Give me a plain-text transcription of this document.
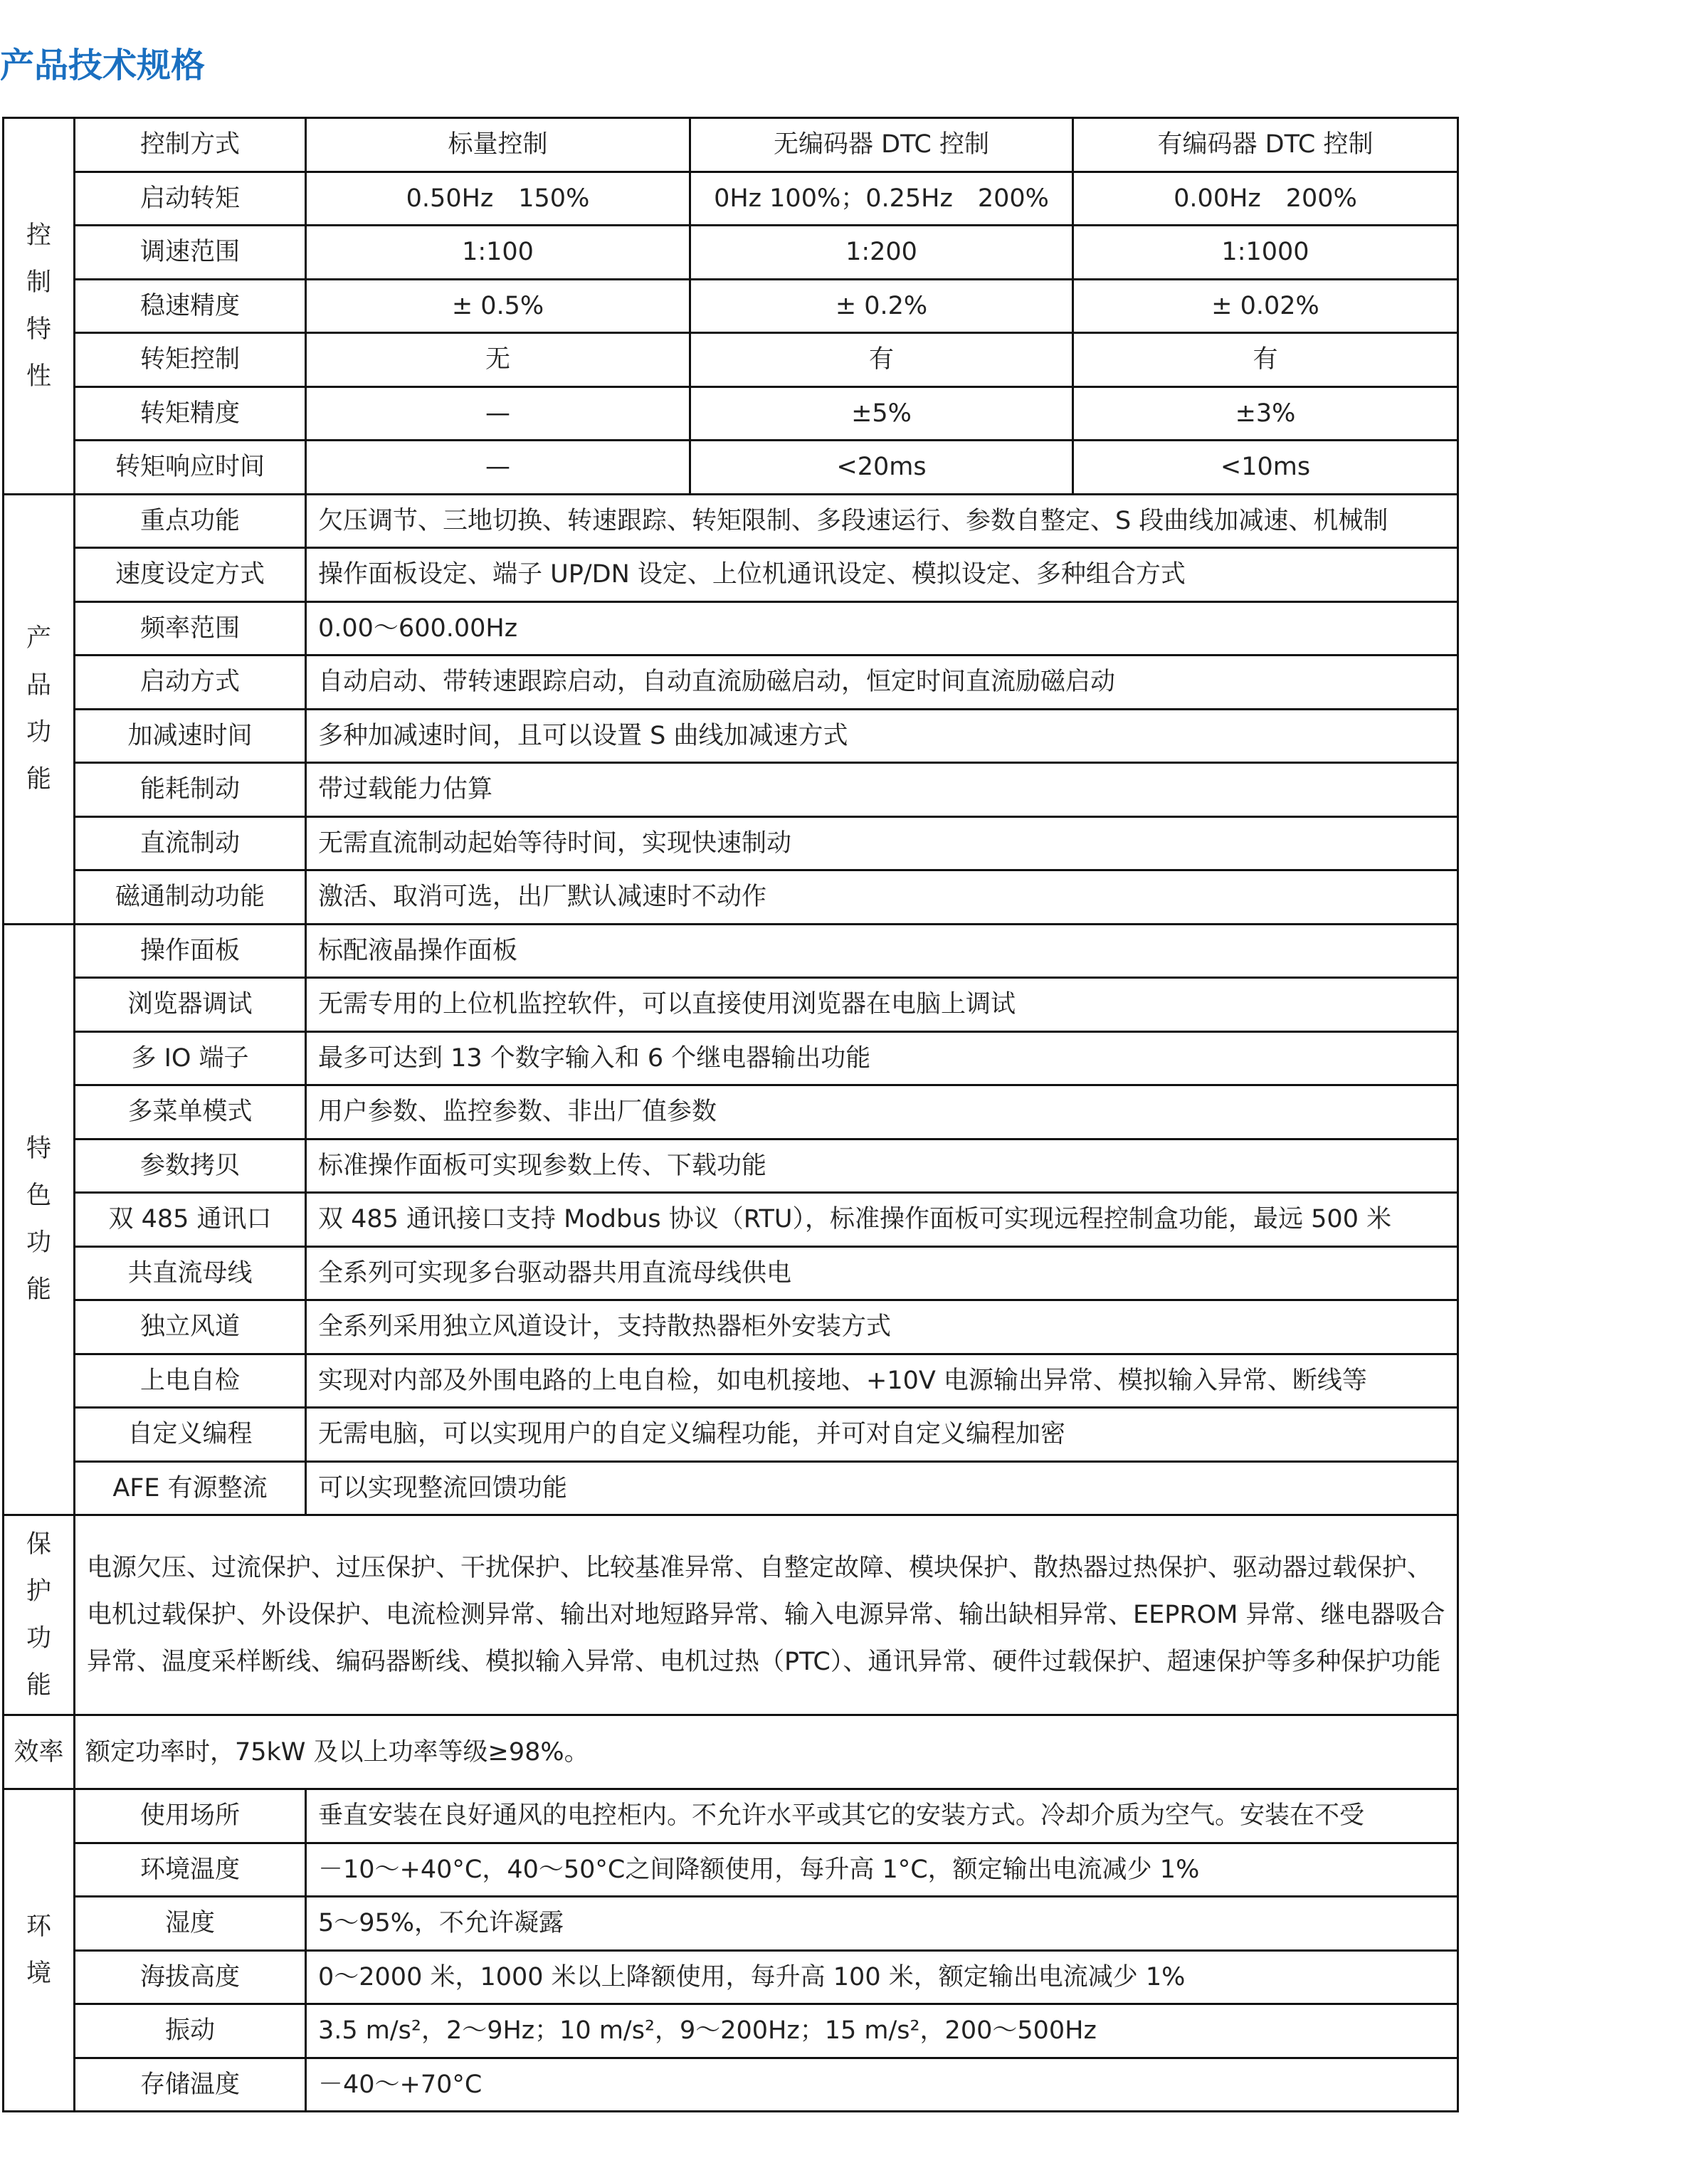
产品技术规格
控
制
特
性	控制方式	标量控制	无编码器 DTC 控制	有编码器 DTC 控制
	启动转矩	0.50Hz　150%	0Hz 100%；0.25Hz　200%	0.00Hz　200%
	调速范围	1:100	1:200	1:1000
	稳速精度	± 0.5%	± 0.2%	± 0.02%
	转矩控制	无	有	有
	转矩精度	—	±5%	±3%
	转矩响应时间	—	<20ms	<10ms

产
品
功
能	重点功能	欠压调节、三地切换、转速跟踪、转矩限制、多段速运行、参数自整定、S 段曲线加减速、机械制		
	速度设定方式	操作面板设定、端子 UP/DN 设定、上位机通讯设定、模拟设定、多种组合方式		
	频率范围	0.00～600.00Hz		
	启动方式	自动启动、带转速跟踪启动，自动直流励磁启动，恒定时间直流励磁启动		
	加减速时间	多种加减速时间，且可以设置 S 曲线加减速方式		
	能耗制动	带过载能力估算		
	直流制动	无需直流制动起始等待时间，实现快速制动		
	磁通制动功能	激活、取消可选，出厂默认减速时不动作		

特
色
功
能	操作面板	标配液晶操作面板		
	浏览器调试	无需专用的上位机监控软件，可以直接使用浏览器在电脑上调试		
	多 IO 端子	最多可达到 13 个数字输入和 6 个继电器输出功能		
	多菜单模式	用户参数、监控参数、非出厂值参数		
	参数拷贝	标准操作面板可实现参数上传、下载功能		
	双 485 通讯口	双 485 通讯接口支持 Modbus 协议（RTU），标准操作面板可实现远程控制盒功能，最远 500 米		
	共直流母线	全系列可实现多台驱动器共用直流母线供电		
	独立风道	全系列采用独立风道设计，支持散热器柜外安装方式		
	上电自检	实现对内部及外围电路的上电自检，如电机接地、+10V 电源输出异常、模拟输入异常、断线等		
	自定义编程	无需电脑，可以实现用户的自定义编程功能，并可对自定义编程加密		
	AFE 有源整流	可以实现整流回馈功能		

保
护
功
能	电源欠压、过流保护、过压保护、干扰保护、比较基准异常、自整定故障、模块保护、散热器过热保护、驱动器过载保护、电机过载保护、外设保护、电流检测异常、输出对地短路异常、输入电源异常、输出缺相异常、EEPROM 异常、继电器吸合异常、温度采样断线、编码器断线、模拟输入异常、电机过热（PTC）、通讯异常、硬件过载保护、超速保护等多种保护功能			
效率	额定功率时，75kW 及以上功率等级≥98%。			

环
境	使用场所	垂直安装在良好通风的电控柜内。不允许水平或其它的安装方式。冷却介质为空气。安装在不受		
	环境温度	－10～+40°C，40～50°C之间降额使用，每升高 1°C，额定输出电流减少 1%		
	湿度	5～95%，不允许凝露		
	海拔高度	0～2000 米，1000 米以上降额使用，每升高 100 米，额定输出电流减少 1%		
	振动	3.5 m/s²，2～9Hz；10 m/s²，9～200Hz；15 m/s²，200～500Hz		
	存储温度	－40～+70°C		
